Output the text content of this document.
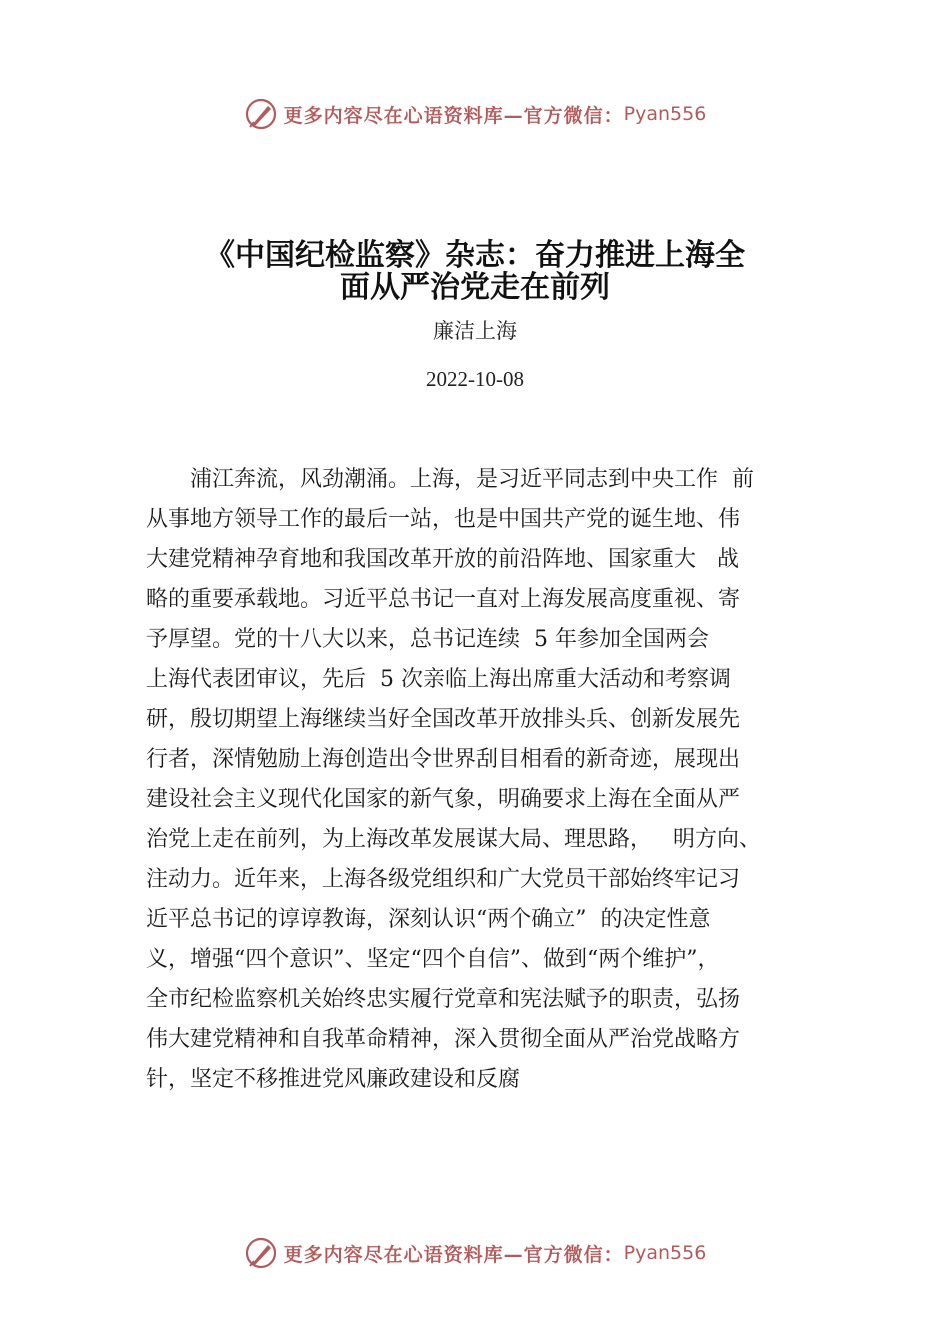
更多内容尽在心语资料库—官方微信： Pyan556
《中国纪检监察》杂志：奋力推进上海全
面从严治党走在前列
廉洁上海
2022-10-08
　　浦江奔流，风劲潮涌。上海，是习近平同志到中央工作  前
从事地方领导工作的最后一站，也是中国共产党的诞生地、伟
大建党精神孕育地和我国改革开放的前沿阵地、国家重大   战
略的重要承载地。习近平总书记一直对上海发展高度重视、寄
予厚望。党的十八大以来，总书记连续  5 年参加全国两会
上海代表团审议，先后  5 次亲临上海出席重大活动和考察调
研，殷切期望上海继续当好全国改革开放排头兵、创新发展先
行者，深情勉励上海创造出令世界刮目相看的新奇迹，展现出
建设社会主义现代化国家的新气象，明确要求上海在全面从严
治党上走在前列，为上海改革发展谋大局、理思路，   明方向、
注动力。近年来，上海各级党组织和广大党员干部始终牢记习
近平总书记的谆谆教诲，深刻认识“两个确立”  的决定性意
义，增强“四个意识”、坚定“四个自信”、做到“两个维护”，
全市纪检监察机关始终忠实履行党章和宪法赋予的职责，弘扬
伟大建党精神和自我革命精神，深入贯彻全面从严治党战略方
针，坚定不移推进党风廉政建设和反腐
更多内容尽在心语资料库—官方微信： Pyan556
